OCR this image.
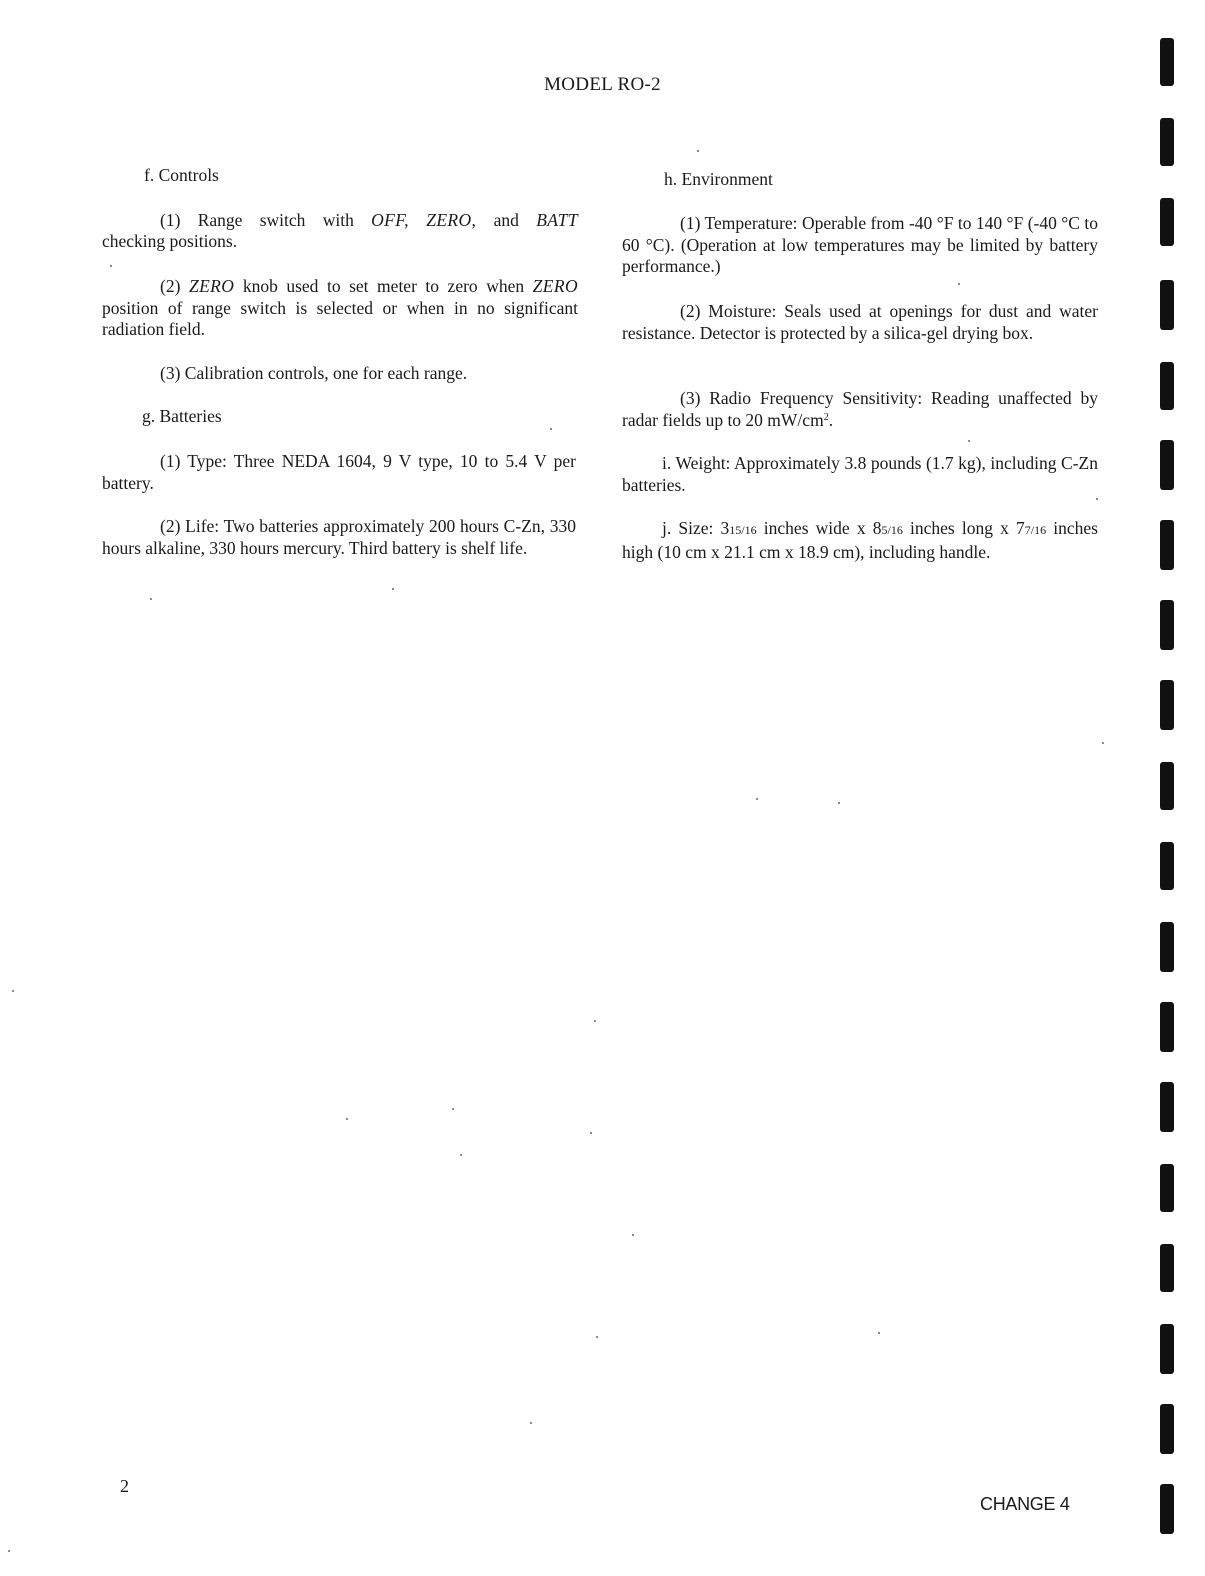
MODEL RO-2
f. Controls
(1) Range switch with OFF, ZERO, and BATT
checking positions.
(2) ZERO knob used to set meter to zero when ZERO position of range switch is selected or when in no significant radiation field.
(3) Calibration controls, one for each range.
g. Batteries
(1) Type: Three NEDA 1604, 9 V type, 10 to 5.4 V per battery.
(2) Life: Two batteries approximately 200 hours C-Zn, 330 hours alkaline, 330 hours mercury. Third battery is shelf life.
h. Environment
(1) Temperature: Operable from -40 °F to 140 °F (-40 °C to 60 °C). (Operation at low temperatures may be limited by battery performance.)
(2) Moisture: Seals used at openings for dust and water resistance. Detector is protected by a silica-gel drying box.
(3) Radio Frequency Sensitivity: Reading unaffected by radar fields up to 20 $mW/cm^2$.
i. Weight: Approximately 3.8 pounds (1.7 kg), including C-Zn batteries.
j. Size: 315/16 inches wide x 85/16 inches long x 77/16 inches high (10 cm x 21.1 cm x 18.9 cm), including handle.
2
CHANGE 4
